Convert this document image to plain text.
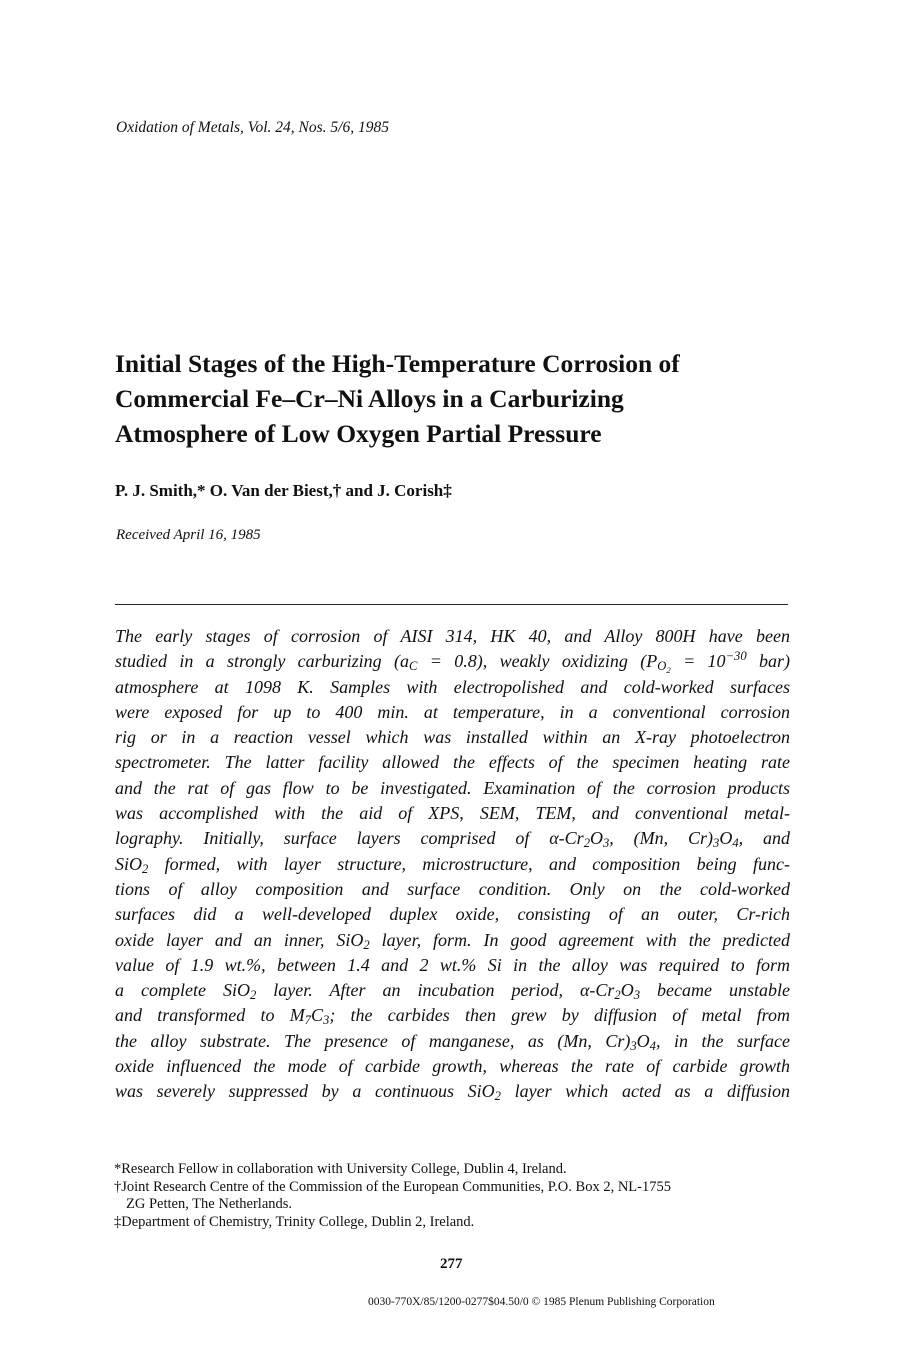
Oxidation of Metals, Vol. 24, Nos. 5/6, 1985
Initial Stages of the High-Temperature Corrosion of
Commercial Fe–Cr–Ni Alloys in a Carburizing
Atmosphere of Low Oxygen Partial Pressure
P. J. Smith,* O. Van der Biest,† and J. Corish‡
Received April 16, 1985
The early stages of corrosion of AISI 314, HK 40, and Alloy 800H have been
studied in a strongly carburizing $(a_C = 0.8)$, weakly oxidizing ($P_{O_2} = 10^{-30}$ bar)
atmosphere at 1098 K. Samples with electropolished and cold-worked surfaces
were exposed for up to 400 min. at temperature, in a conventional corrosion
rig or in a reaction vessel which was installed within an X-ray photoelectron
spectrometer. The latter facility allowed the effects of the specimen heating rate
and the rat of gas flow to be investigated. Examination of the corrosion products
was accomplished with the aid of XPS, SEM, TEM, and conventional metal-
lography. Initially, surface layers comprised of $\alpha-Cr_2O_3$, (Mn, $Cr)_3O_4$, and
SiO$_2$ formed, with layer structure, microstructure, and composition being func-
tions of alloy composition and surface condition. Only on the cold-worked
surfaces did a well-developed duplex oxide, consisting of an outer, Cr-rich
oxide layer and an inner, SiO$_2$ layer, form. In good agreement with the predicted
value of 1.9 wt.%, between 1.4 and 2 wt.% Si in the alloy was required to form
a complete SiO$_2$ layer. After an incubation period, $\alpha-Cr_2O_3$ became unstable
and transformed to $M_7C_3$; the carbides then grew by diffusion of metal from
the alloy substrate. The presence of manganese, as (Mn, $Cr)_3O_4$, in the surface
oxide influenced the mode of carbide growth, whereas the rate of carbide growth
was severely suppressed by a continuous SiO$_2$ layer which acted as a diffusion
*Research Fellow in collaboration with University College, Dublin 4, Ireland.
†Joint Research Centre of the Commission of the European Communities, P.O. Box 2, NL-1755
ZG Petten, The Netherlands.
‡Department of Chemistry, Trinity College, Dublin 2, Ireland.
277
0030-770X/85/1200-0277$04.50/0 © 1985 Plenum Publishing Corporation
